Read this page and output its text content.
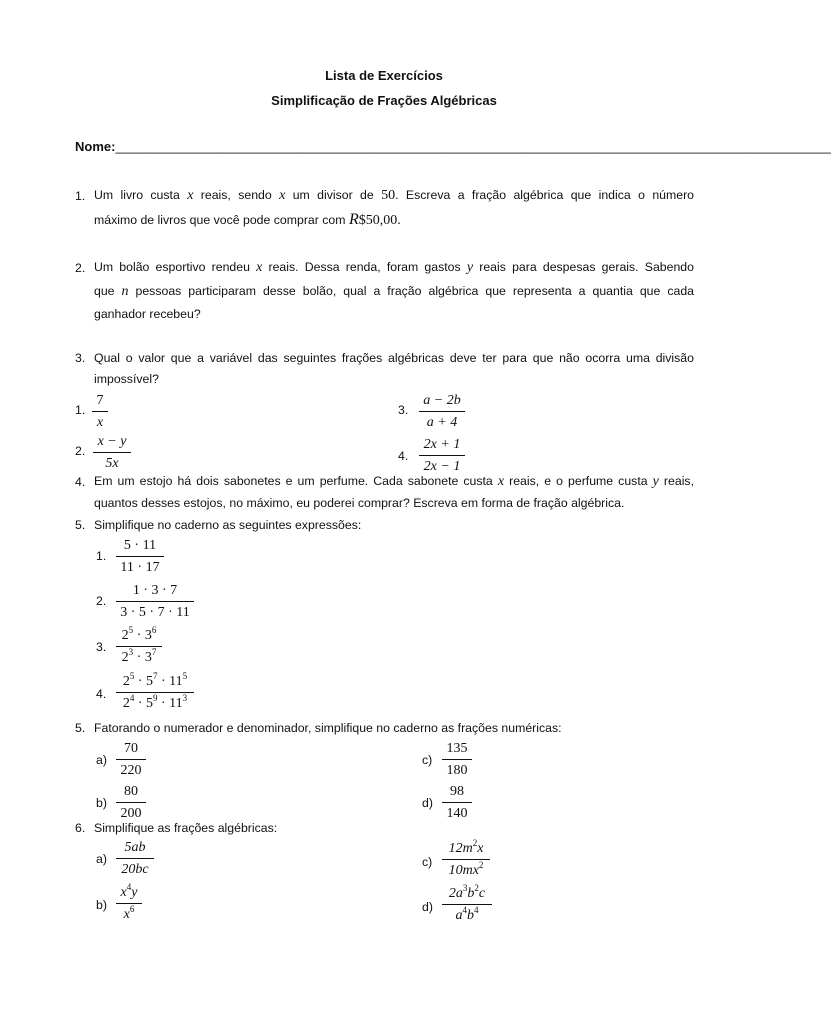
Lista de Exercícios
Simplificação de Frações Algébricas
Nome:___________________________________________________________________________________________________
1. Um livro custa x reais, sendo x um divisor de 50. Escreva a fração algébrica que indica o número
máximo de livros que você pode comprar com R$50,00.
2. Um bolão esportivo rendeu x reais. Dessa renda, foram gastos y reais para despesas gerais. Sabendo
que n pessoas participaram desse bolão, qual a fração algébrica que representa a quantia que cada
ganhador recebeu?
3. Qual o valor que a variável das seguintes frações algébricas deve ter para que não ocorra uma divisão
impossível?
1.
7
x
2.
x − y
5x
3.
a − 2b
a + 4
4.
2x + 1
2x − 1
4. Em um estojo há dois sabonetes e um perfume. Cada sabonete custa x reais, e o perfume custa y reais,
quantos desses estojos, no máximo, eu poderei comprar? Escreva em forma de fração algébrica.
5. Simplifique no caderno as seguintes expressões:
1.
5 · 11
11 · 17
2.
1 · 3 · 7
3 · 5 · 7 · 11
3.
$2^5 \cdot 3^6$
$2^3 \cdot 3^7$
4.
$2^5 \cdot 5^7 \cdot 11^5$
$2^4 \cdot 5^9 \cdot 11^3$
5. Fatorando o numerador e denominador, simplifique no caderno as frações numéricas:
a)
70
220
b)
80
200
c)
135
180
d)
98
140
6. Simplifique as frações algébricas:
a)
5ab
20bc
b)
$x^4y$
$x^6$
c)
$12m^2x$
$10mx^2$
d)
$2a^3b^2c$
$a^4b^4$
